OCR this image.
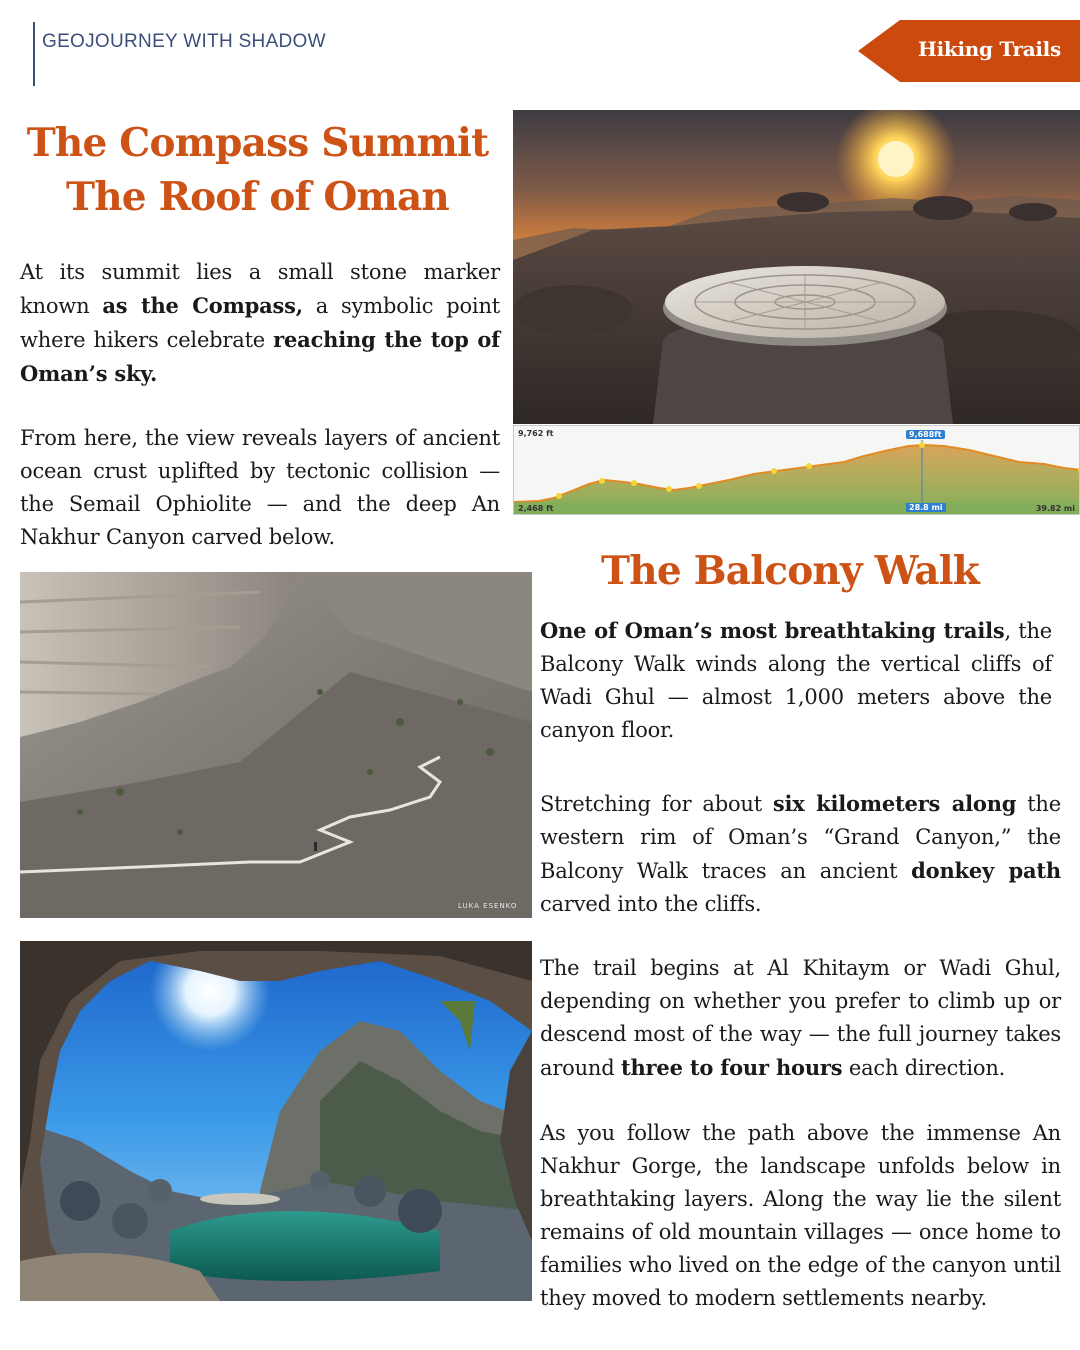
GEOJOURNEY WITH SHADOW	Hiking Trails
The Compass Summit
The Roof of Oman

At its summit lies a small stone marker known as the Compass, a symbolic point where hikers celebrate reaching the top of Oman’s sky.

From here, the view reveals layers of ancient ocean crust uplifted by tectonic collision — the Semail Ophiolite — and the deep An Nakhur Canyon carved below.

9,762 ft
2,468 ft
9,688ft
28.8 mi	39.82 mi
The Balcony Walk

One of Oman’s most breathtaking trails, the Balcony Walk winds along the vertical cliffs of Wadi Ghul — almost 1,000 meters above the canyon floor.

Stretching for about six kilometers along the western rim of Oman’s “Grand Canyon,” the Balcony Walk traces an ancient donkey path carved into the cliffs.

The trail begins at Al Khitaym or Wadi Ghul, depending on whether you prefer to climb up or descend most of the way — the full journey takes around three to four hours each direction.

As you follow the path above the immense An Nakhur Gorge, the landscape unfolds below in breathtaking layers. Along the way lie the silent remains of old mountain villages — once home to families who lived on the edge of the canyon until they moved to modern settlements nearby.

LUKA ESENKO
